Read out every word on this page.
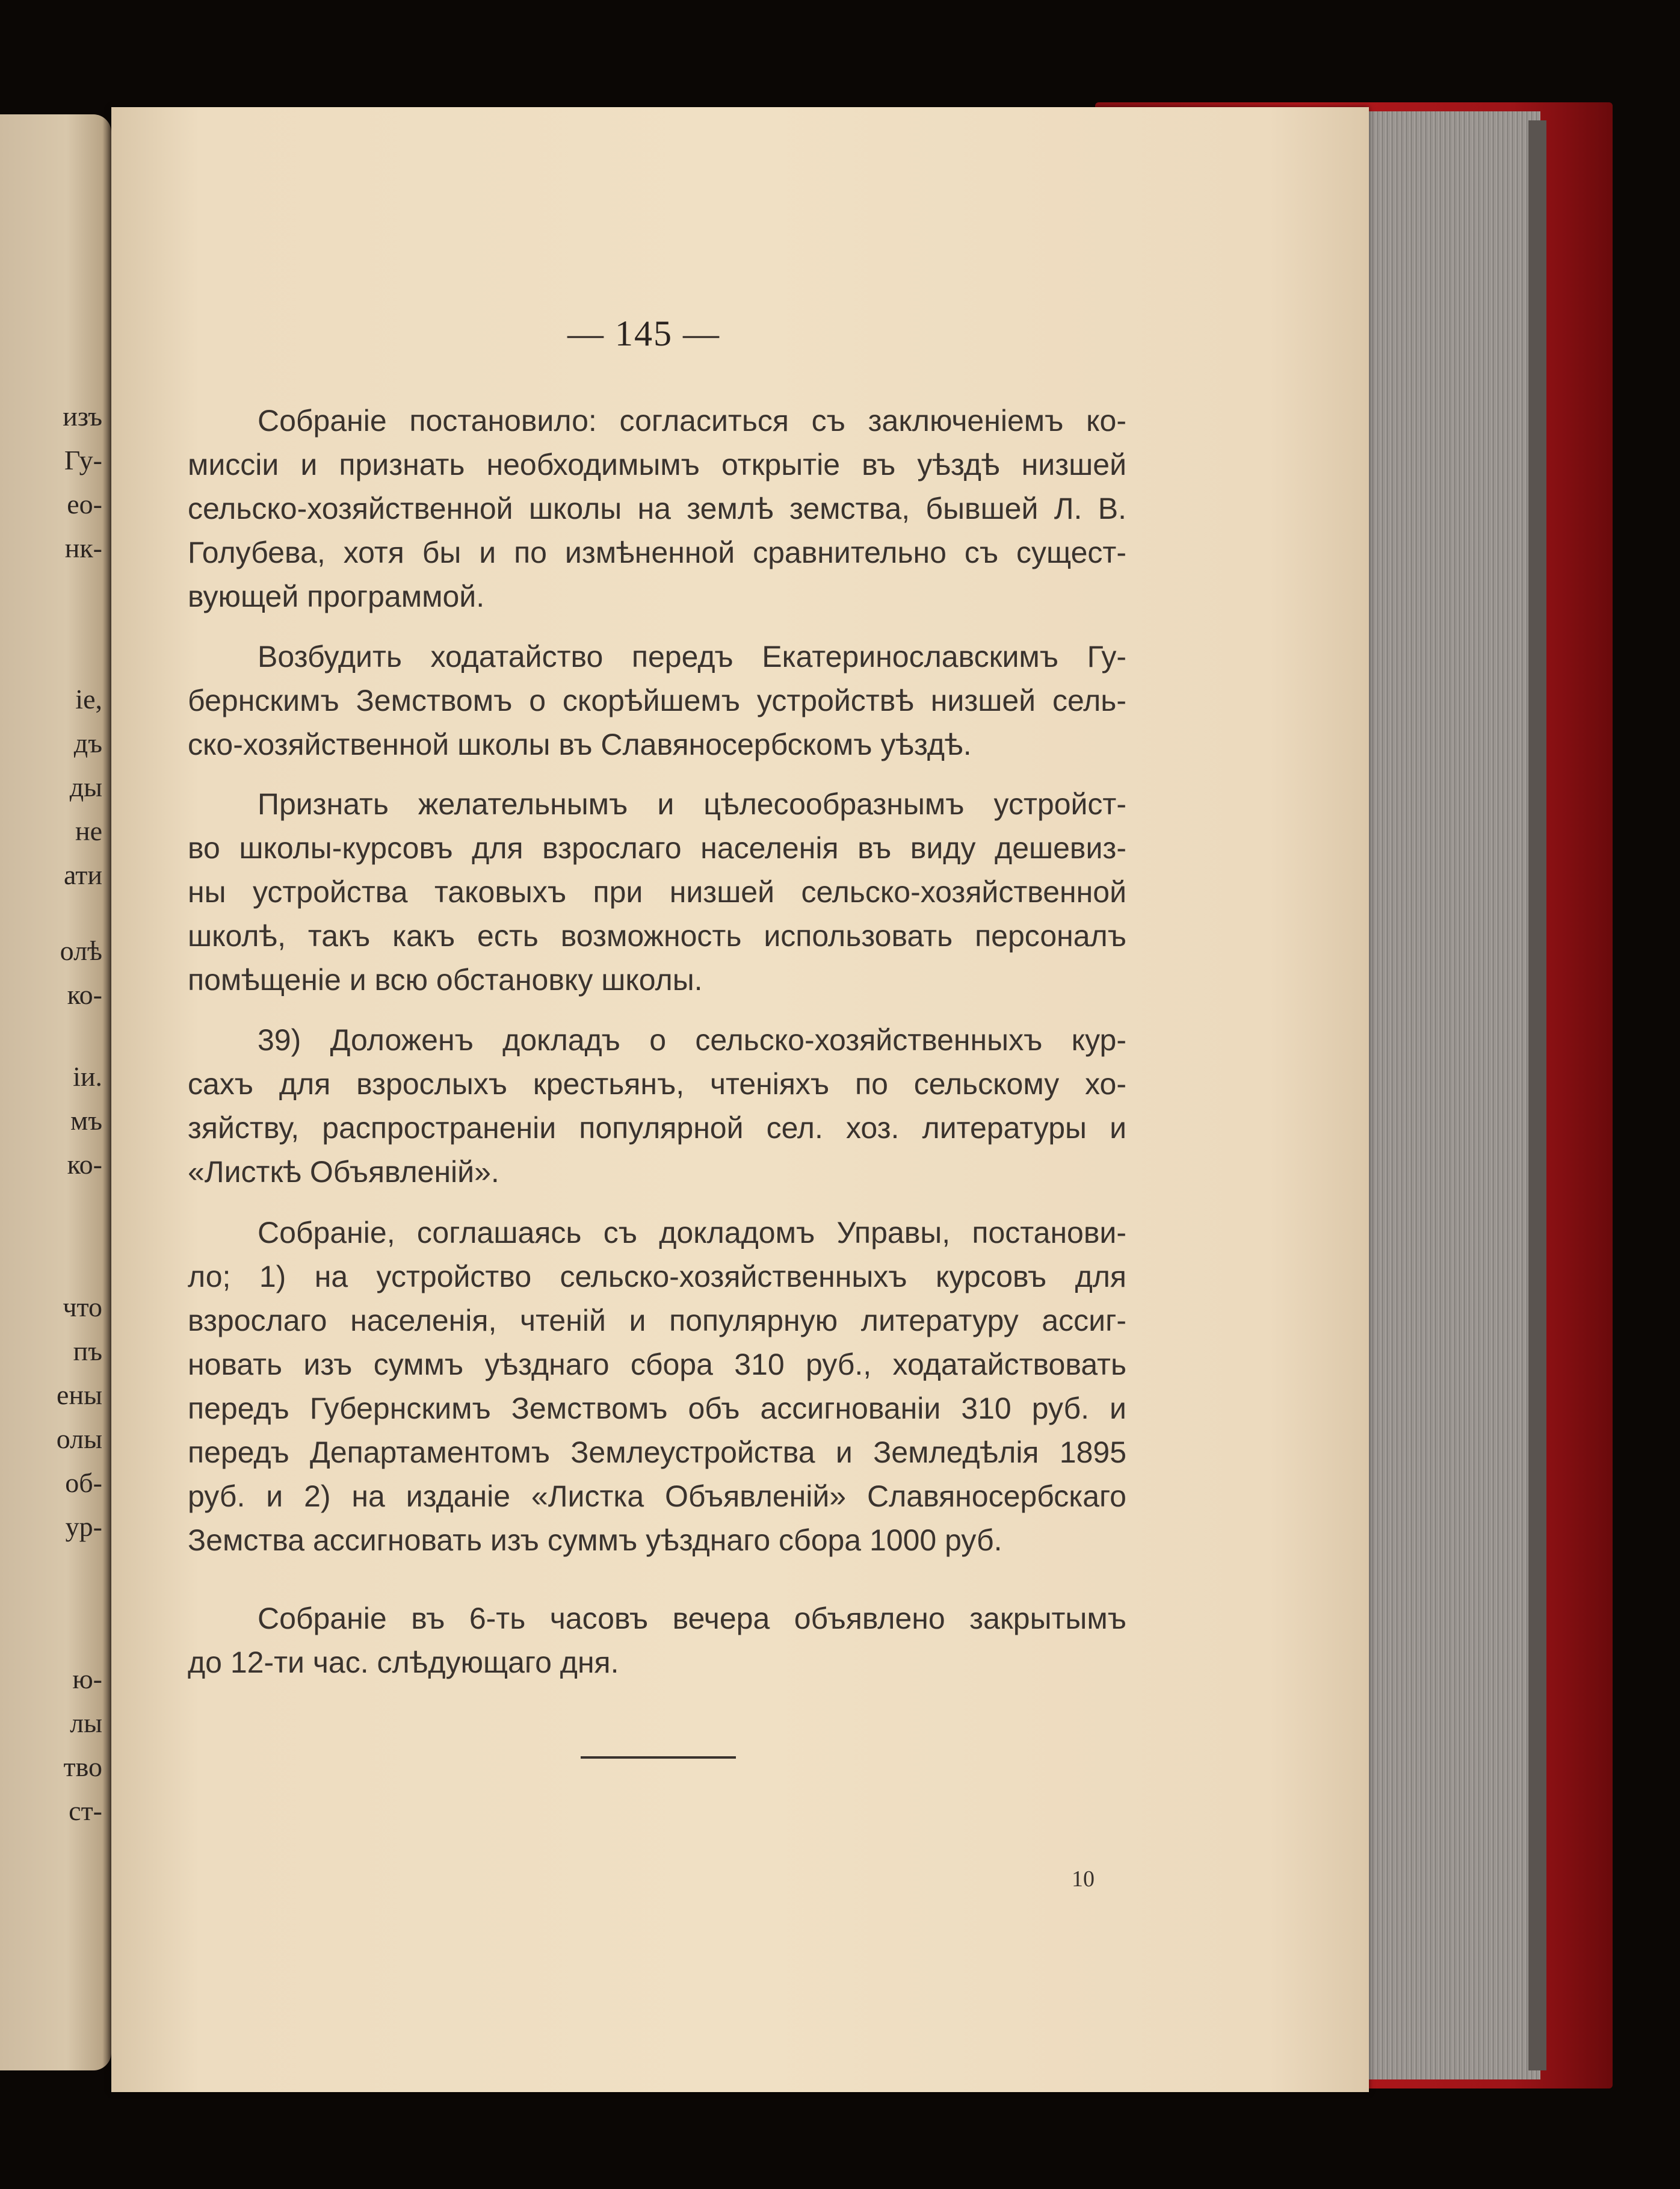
изъ
Гу-
ео-
нк-
іе,
дъ
ды
не
ати
олѣ
ко-
іи.
мъ
ко-
что
пъ
ены
олы
об-
ур-
ю-
лы
тво
ст-
— 145 —
Собраніе постановило: согласиться съ заключеніемъ ко-
миссіи и признать необходимымъ открытіе въ уѣздѣ низшей
сельско-хозяйственной школы на землѣ земства, бывшей Л. В.
Голубева, хотя бы и по измѣненной сравнительно съ сущест-
вующей программой.
Возбудить ходатайство передъ Екатеринославскимъ Гу-
бернскимъ Земствомъ о скорѣйшемъ устройствѣ низшей сель-
ско-хозяйственной школы въ Славяносербскомъ уѣздѣ.
Признать желательнымъ и цѣлесообразнымъ устройст-
во школы-курсовъ для взрослаго населенія въ виду дешевиз-
ны устройства таковыхъ при низшей сельско-хозяйственной
школѣ, такъ какъ есть возможность использовать персоналъ
помѣщеніе и всю обстановку школы.
39) Доложенъ докладъ о сельско-хозяйственныхъ кур-
сахъ для взрослыхъ крестьянъ, чтеніяхъ по сельскому хо-
зяйству, распространеніи популярной сел. хоз. литературы и
«Листкѣ Объявленій».
Собраніе, соглашаясь съ докладомъ Управы, постанови-
ло; 1) на устройство сельско-хозяйственныхъ курсовъ для
взрослаго населенія, чтеній и популярную литературу ассиг-
новать изъ суммъ уѣзднаго сбора 310 руб., ходатайствовать
передъ Губернскимъ Земствомъ объ ассигнованіи 310 руб. и
передъ Департаментомъ Землеустройства и Земледѣлія 1895
руб. и 2) на изданіе «Листка Объявленій» Славяносербскаго
Земства ассигновать изъ суммъ уѣзднаго сбора 1000 руб.
Собраніе въ 6-ть часовъ вечера объявлено закрытымъ
до 12-ти час. слѣдующаго дня.
10
